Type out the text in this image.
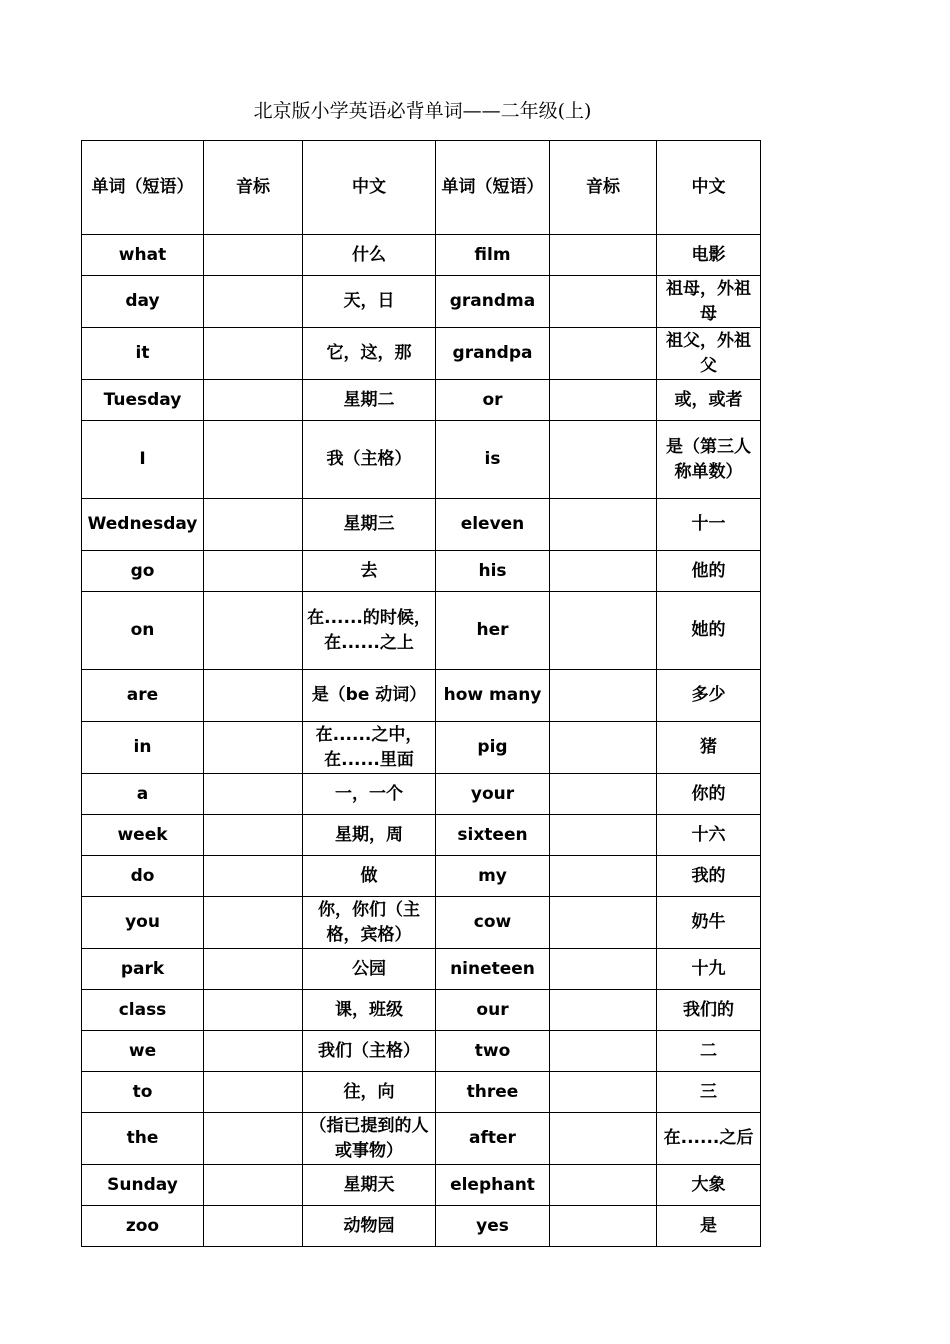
北京版小学英语必背单词——二年级(上)
单词（短语）	音标	中文	单词（短语）	音标	中文
what		什么	film		电影
day		天，日	grandma		祖母，外祖母
it		它，这，那	grandpa		祖父，外祖父
Tuesday		星期二	or		或，或者
I		我（主格）	is		是（第三人称单数）
Wednesday		星期三	eleven		十一
go		去	his		他的
on		在......的时候，在......之上	her		她的
are		是（be 动词）	how many		多少
in		在......之中，在......里面	pig		猪
a		一，一个	your		你的
week		星期，周	sixteen		十六
do		做	my		我的
you		你，你们（主格，宾格）	cow		奶牛
park		公园	nineteen		十九
class		课，班级	our		我们的
we		我们（主格）	two		二
to		往，向	three		三
the		（指已提到的人或事物）	after		在......之后
Sunday		星期天	elephant		大象
zoo		动物园	yes		是
